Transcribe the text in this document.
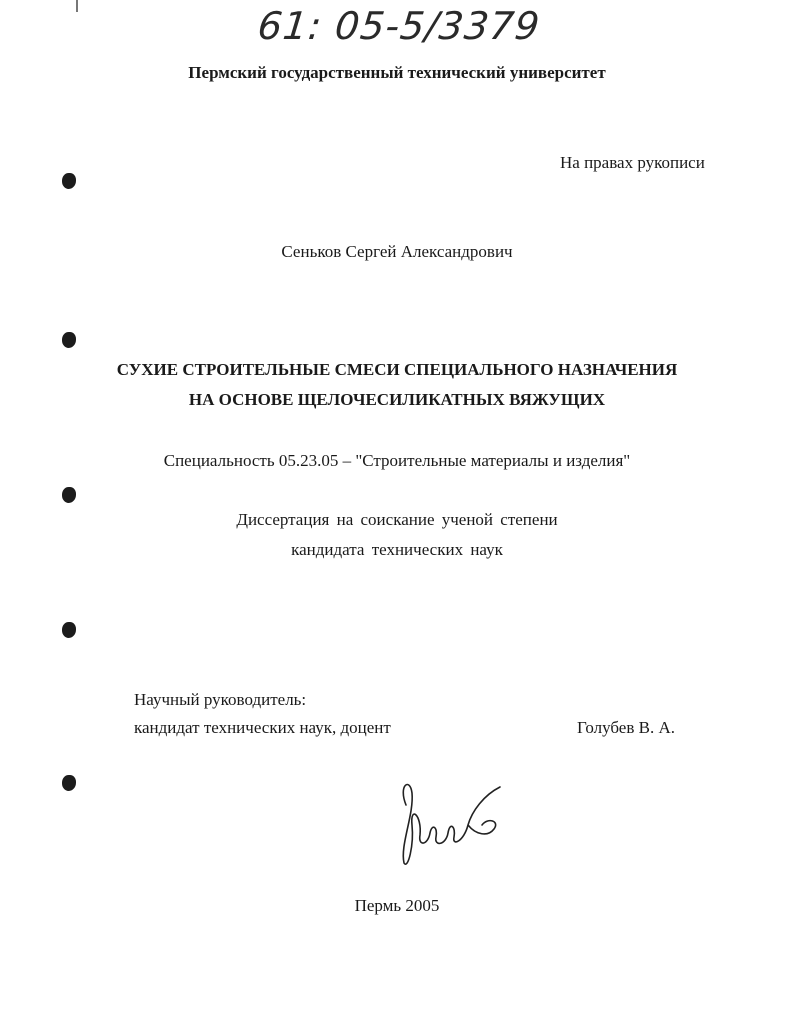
61: 05-5/3379
Пермский государственный технический университет
На правах рукописи
Сеньков Сергей Александрович
СУХИЕ СТРОИТЕЛЬНЫЕ СМЕСИ СПЕЦИАЛЬНОГО НАЗНАЧЕНИЯ
НА ОСНОВЕ ЩЕЛОЧЕСИЛИКАТНЫХ ВЯЖУЩИХ
Специальность 05.23.05 – "Строительные материалы и изделия"
Диссертация на соискание ученой степени
кандидата технических наук
Научный руководитель:
кандидат технических наук, доцент	Голубев В. А.
Пермь 2005
